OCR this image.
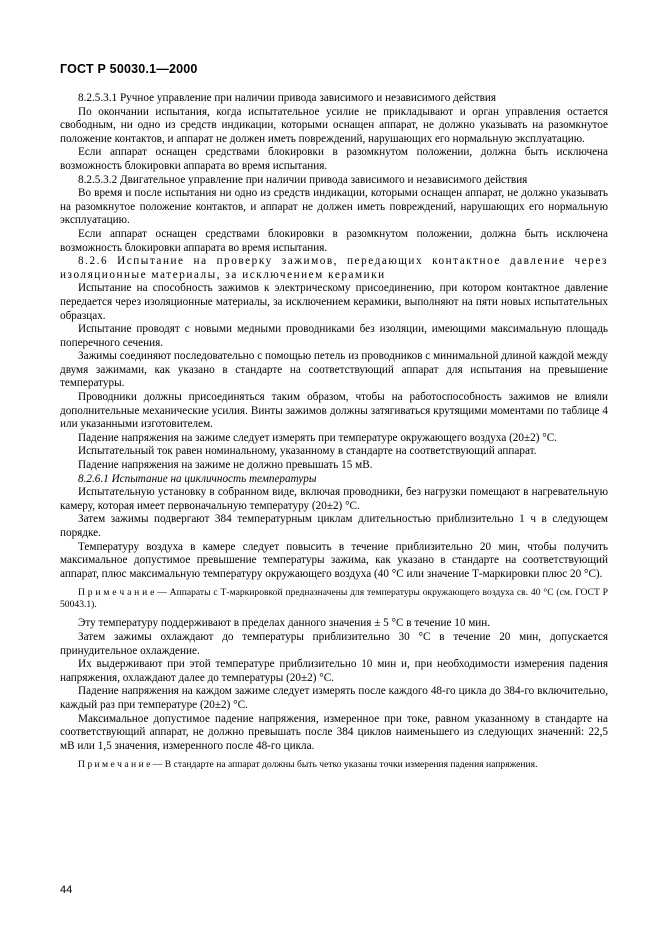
ГОСТ Р 50030.1—2000

8.2.5.3.1 Ручное управление при наличии привода зависимого и независимого действия

По окончании испытания, когда испытательное усилие не прикладывают и орган управления остается свободным, ни одно из средств индикации, которыми оснащен аппарат, не должно указывать на разомкнутое положение контактов, и аппарат не должен иметь повреждений, нарушающих его нормальную эксплуатацию.

Если аппарат оснащен средствами блокировки в разомкнутом положении, должна быть исключена возможность блокировки аппарата во время испытания.

8.2.5.3.2 Двигательное управление при наличии привода зависимого и независимого действия

Во время и после испытания ни одно из средств индикации, которыми оснащен аппарат, не должно указывать на разомкнутое положение контактов, и аппарат не должен иметь повреждений, нарушающих его нормальную эксплуатацию.

Если аппарат оснащен средствами блокировки в разомкнутом положении, должна быть исключена возможность блокировки аппарата во время испытания.

8.2.6 Испытание на проверку зажимов, передающих контактное давление через изоляционные материалы, за исключением керамики

Испытание на способность зажимов к электрическому присоединению, при котором контактное давление передается через изоляционные материалы, за исключением керамики, выполняют на пяти новых испытательных образцах.

Испытание проводят с новыми медными проводниками без изоляции, имеющими максимальную площадь поперечного сечения.

Зажимы соединяют последовательно с помощью петель из проводников с минимальной длиной каждой между двумя зажимами, как указано в стандарте на соответствующий аппарат для испытания на превышение температуры.

Проводники должны присоединяться таким образом, чтобы на работоспособность зажимов не влияли дополнительные механические усилия. Винты зажимов должны затягиваться крутящими моментами по таблице 4 или указанными изготовителем.

Падение напряжения на зажиме следует измерять при температуре окружающего воздуха (20±2) °С.

Испытательный ток равен номинальному, указанному в стандарте на соответствующий аппарат.

Падение напряжения на зажиме не должно превышать 15 мВ.

8.2.6.1 Испытание на цикличность температуры

Испытательную установку в собранном виде, включая проводники, без нагрузки помещают в нагревательную камеру, которая имеет первоначальную температуру (20±2) °С.

Затем зажимы подвергают 384 температурным циклам длительностью приблизительно 1 ч в следующем порядке.

Температуру воздуха в камере следует повысить в течение приблизительно 20 мин, чтобы получить максимальное допустимое превышение температуры зажима, как указано в стандарте на соответствующий аппарат, плюс максимальную температуру окружающего воздуха (40 °С или значение Т-маркировки плюс 20 °С).

П р и м е ч а н и е — Аппараты с Т-маркировкой предназначены для температуры окружающего воздуха св. 40 °С (см. ГОСТ Р 50043.1).

Эту температуру поддерживают в пределах данного значения ± 5 °С в течение 10 мин.

Затем зажимы охлаждают до температуры приблизительно 30 °С в течение 20 мин, допускается принудительное охлаждение.

Их выдерживают при этой температуре приблизительно 10 мин и, при необходимости измерения падения напряжения, охлаждают далее до температуры (20±2) °С.

Падение напряжения на каждом зажиме следует измерять после каждого 48-го цикла до 384-го включительно, каждый раз при температуре (20±2) °С.

Максимальное допустимое падение напряжения, измеренное при токе, равном указанному в стандарте на соответствующий аппарат, не должно превышать после 384 циклов наименьшего из следующих значений: 22,5 мВ или 1,5 значения, измеренного после 48-го цикла.

П р и м е ч а н и е — В стандарте на аппарат должны быть четко указаны точки измерения падения напряжения.

44
